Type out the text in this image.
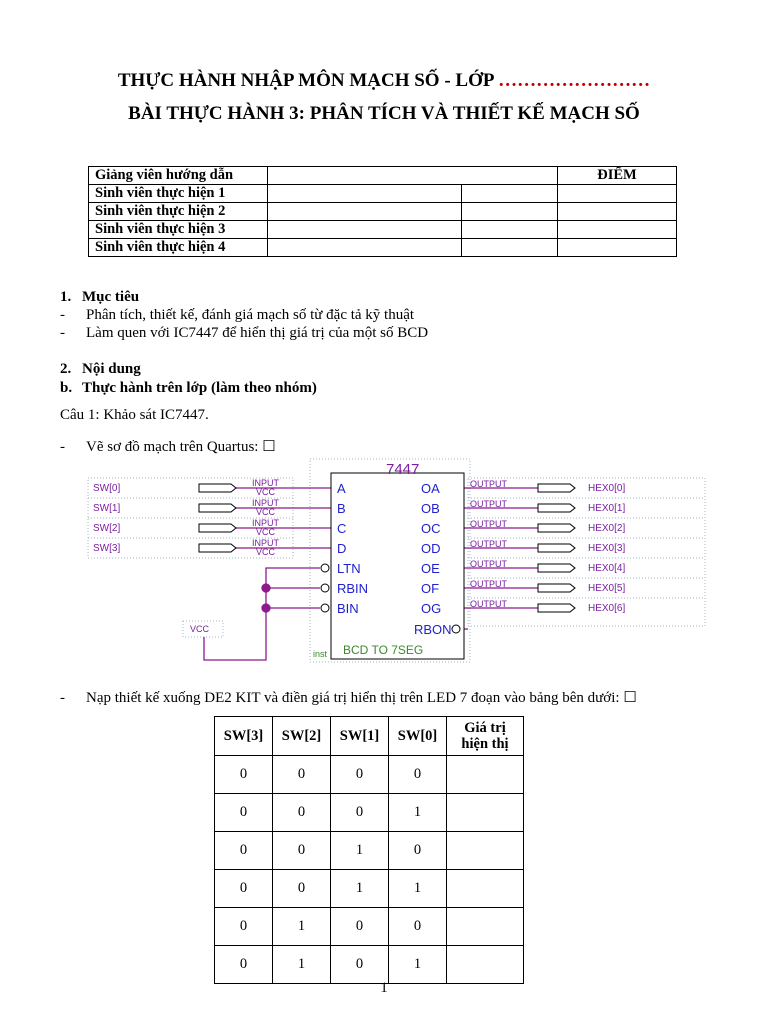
THỰC HÀNH NHẬP MÔN MẠCH SỐ - LỚP ……………………
BÀI THỰC HÀNH 3: PHÂN TÍCH VÀ THIẾT KẾ MẠCH SỐ
Giảng viên hướng dẫn			ĐIỂM
Sinh viên thực hiện 1			
Sinh viên thực hiện 2			
Sinh viên thực hiện 3			
Sinh viên thực hiện 4			
1. Mục tiêu
- Phân tích, thiết kế, đánh giá mạch số từ đặc tả kỹ thuật
- Làm quen với IC7447 để hiển thị giá trị của một số BCD
2. Nội dung
b. Thực hành trên lớp (làm theo nhóm)
Câu 1: Khảo sát IC7447.
- Vẽ sơ đồ mạch trên Quartus: ☐
7447
BCD TO 7SEG
inst
A
B
C
D
LTN
RBIN
BIN
OA
OB
OC
OD
OE
OF
OG
RBON
SW[0]	INPUT
VCC
SW[1]	INPUT
VCC
SW[2]	INPUT
VCC
SW[3]	INPUT
VCC
OUTPUT	HEX0[0]
OUTPUT	HEX0[1]
OUTPUT	HEX0[2]
OUTPUT	HEX0[3]
OUTPUT	HEX0[4]
OUTPUT	HEX0[5]
OUTPUT	HEX0[6]
VCC
- Nạp thiết kế xuống DE2 KIT và điền giá trị hiển thị trên LED 7 đoạn vào bảng bên dưới: ☐
SW[3]	SW[2]	SW[1]	SW[0]	Giá trị
hiện thị
0	0	0	0	
0	0	0	1	
0	0	1	0	
0	0	1	1	
0	1	0	0	
0	1	0	1	
1
